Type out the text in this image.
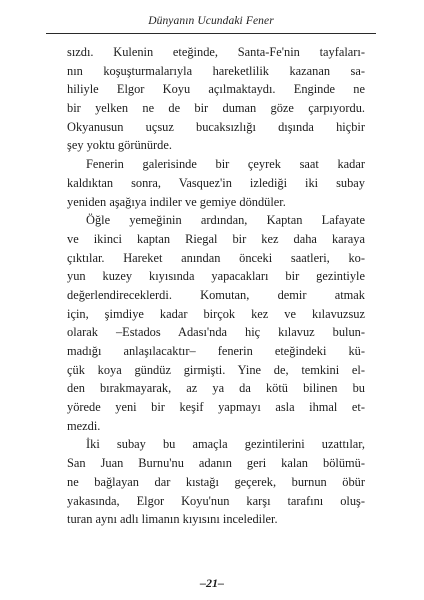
Dünyanın Ucundaki Fener
sızdı. Kulenin eteğinde, Santa-Fe'nin tayfaları-
nın koşuşturmalarıyla hareketlilik kazanan sa-
hiliyle Elgor Koyu açılmaktaydı. Enginde ne
bir yelken ne de bir duman göze çarpıyordu.
Okyanusun uçsuz bucaksızlığı dışında hiçbir
şey yoktu görünürde.
Fenerin galerisinde bir çeyrek saat kadar
kaldıktan sonra, Vasquez'in izlediği iki subay
yeniden aşağıya indiler ve gemiye döndüler.
Öğle yemeğinin ardından, Kaptan Lafayate
ve ikinci kaptan Riegal bir kez daha karaya
çıktılar. Hareket anından önceki saatleri, ko-
yun kuzey kıyısında yapacakları bir gezintiyle
değerlendireceklerdi. Komutan, demir atmak
için, şimdiye kadar birçok kez ve kılavuzsuz
olarak –Estados Adası'nda hiç kılavuz bulun-
madığı anlaşılacaktır– fenerin eteğindeki kü-
çük koya gündüz girmişti. Yine de, temkini el-
den bırakmayarak, az ya da kötü bilinen bu
yörede yeni bir keşif yapmayı asla ihmal et-
mezdi.
İki subay bu amaçla gezintilerini uzattılar,
San Juan Burnu'nu adanın geri kalan bölümü-
ne bağlayan dar kıstağı geçerek, burnun öbür
yakasında, Elgor Koyu'nun karşı tarafını oluş-
turan aynı adlı limanın kıyısını incelediler.
–21–
